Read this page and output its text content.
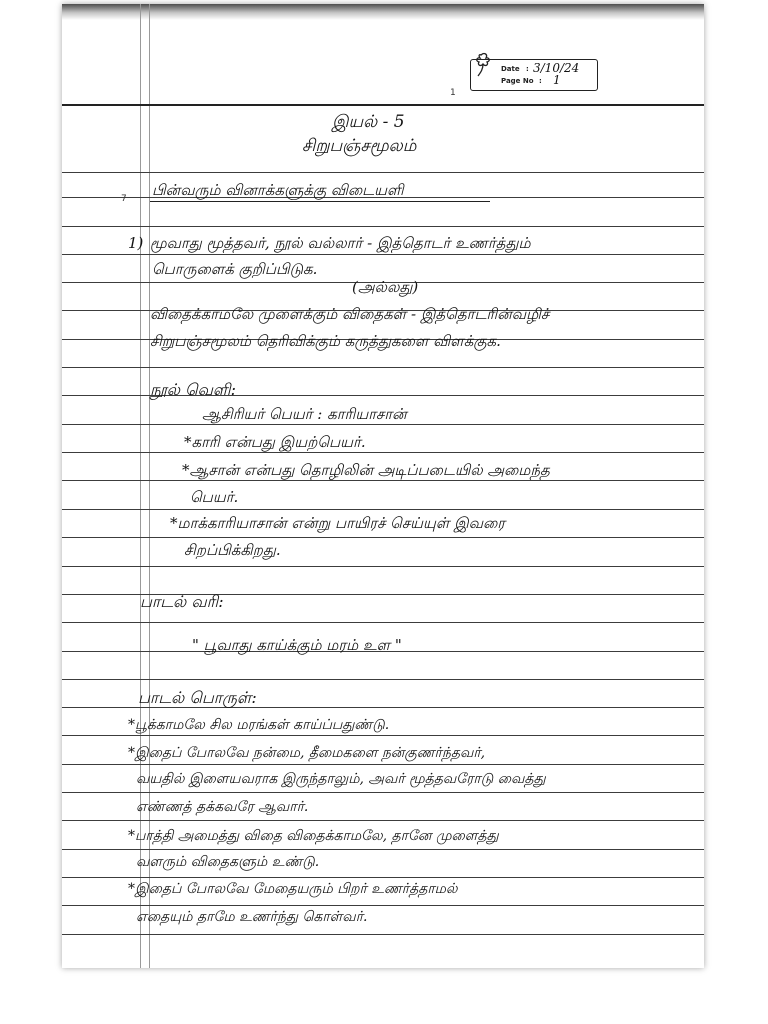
Date : 3/10/24
Page No : 1
1
7
இயல் - 5
சிறுபஞ்சமூலம்
பின்வரும் வினாக்களுக்கு விடையளி
1) மூவாது மூத்தவர், நூல் வல்லார் - இத்தொடர் உணர்த்தும்
பொருளைக் குறிப்பிடுக.
(அல்லது)
விதைக்காமலே முளைக்கும் விதைகள் - இத்தொடரின்வழிச்
சிறுபஞ்சமூலம் தெரிவிக்கும் கருத்துகளை விளக்குக.
நூல் வெளி:
ஆசிரியர் பெயர் : காரியாசான்
*காரி என்பது இயற்பெயர்.
*ஆசான் என்பது தொழிலின் அடிப்படையில் அமைந்த
பெயர்.
*மாக்காரியாசான் என்று பாயிரச் செய்யுள் இவரை
சிறப்பிக்கிறது.
பாடல் வரி:
" பூவாது காய்க்கும் மரம் உள "
பாடல் பொருள்:
*பூக்காமலே சில மரங்கள் காய்ப்பதுண்டு.
*இதைப் போலவே நன்மை, தீமைகளை நன்குணர்ந்தவர்,
வயதில் இளையவராக இருந்தாலும், அவர் மூத்தவரோடு வைத்து
எண்ணத் தக்கவரே ஆவார்.
*பாத்தி அமைத்து விதை விதைக்காமலே, தானே முளைத்து
வளரும் விதைகளும் உண்டு.
*இதைப் போலவே மேதையரும் பிறர் உணர்த்தாமல்
எதையும் தாமே உணர்ந்து கொள்வர்.
